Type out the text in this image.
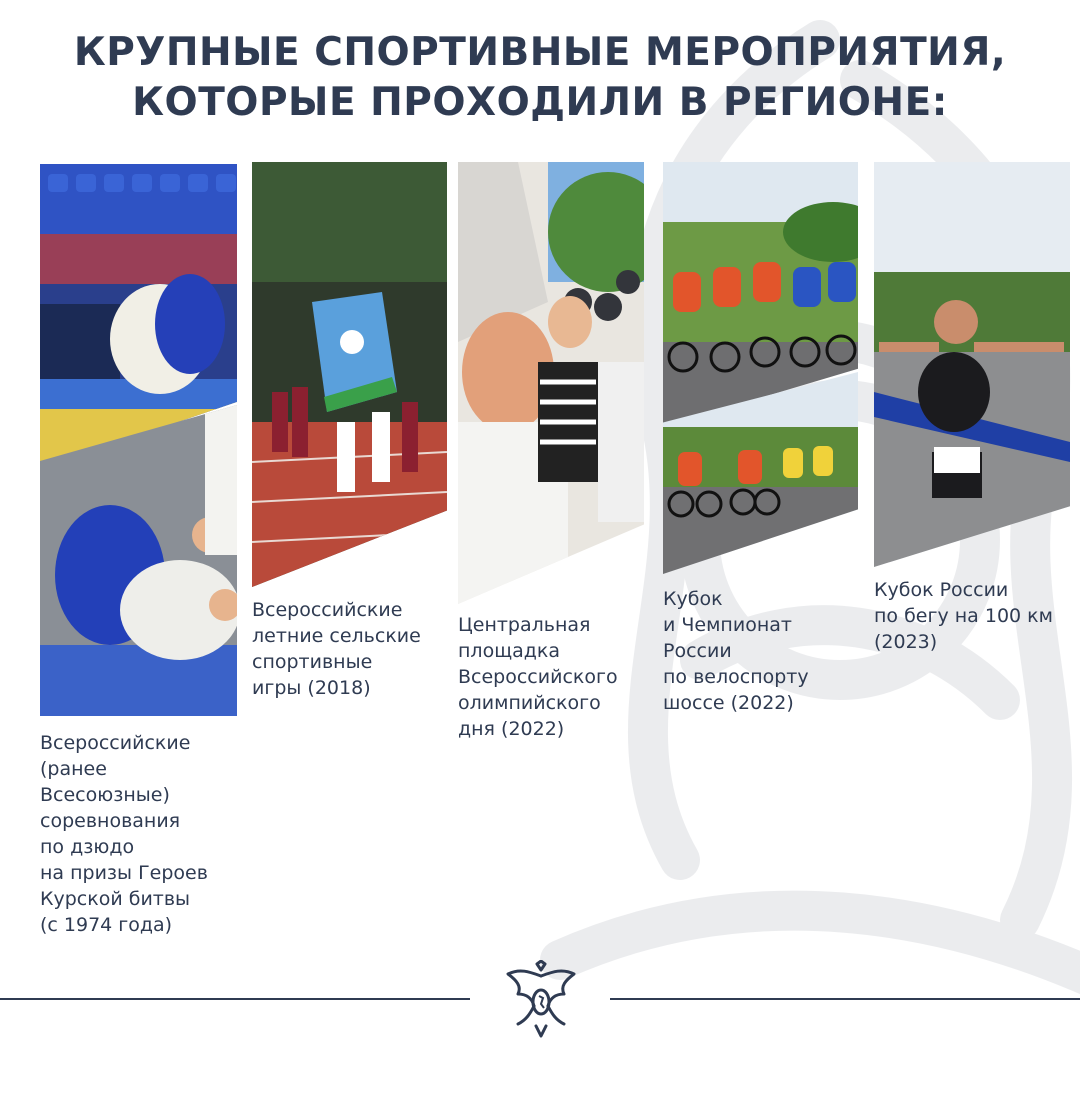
КРУПНЫЕ СПОРТИВНЫЕ МЕРОПРИЯТИЯ,
КОТОРЫЕ ПРОХОДИЛИ В РЕГИОНЕ:

Всероссийские
(ранее
Всесоюзные)
соревнования
по дзюдо
на призы Героев
Курской битвы
(с 1974 года)

Всероссийские
летние сельские
спортивные
игры (2018)

Центральная
площадка
Всероссийского
олимпийского
дня (2022)

Кубок
и Чемпионат
России
по велоспорту
шоссе (2022)

Кубок России
по бегу на 100 км
(2023)
